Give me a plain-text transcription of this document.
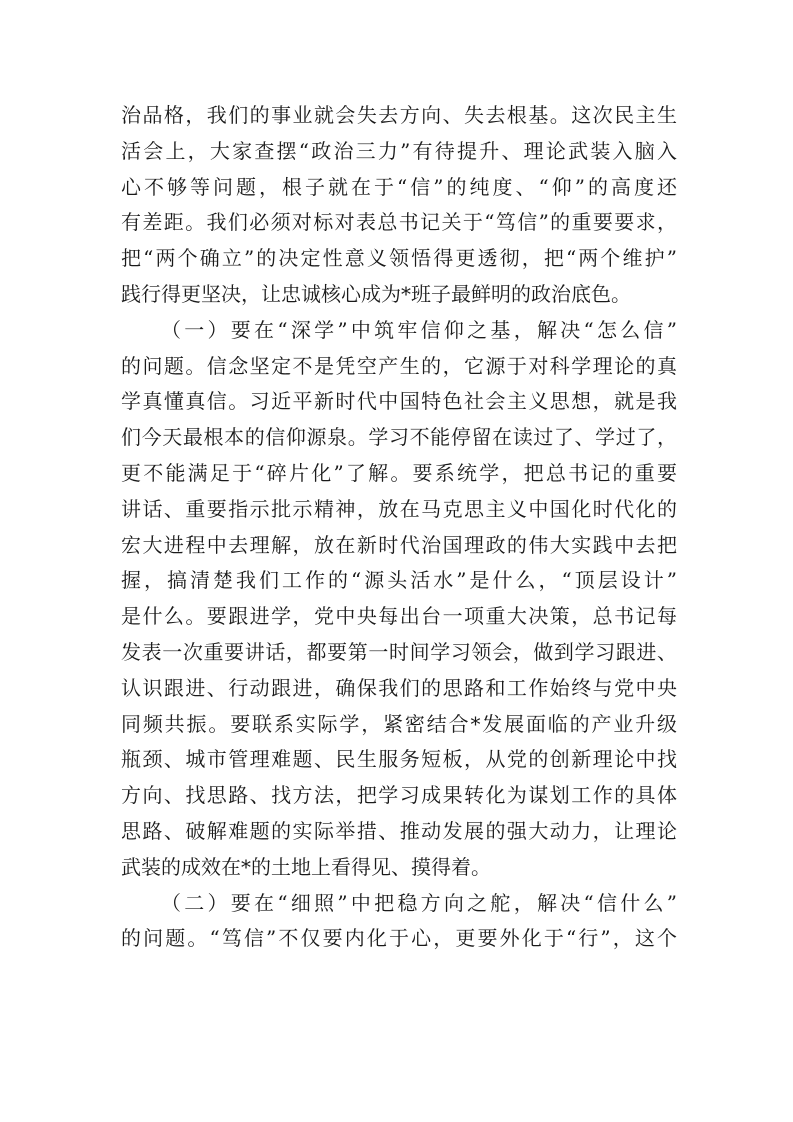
治品格，我们的事业就会失去方向、失去根基。这次民主生
活会上，大家查摆“政治三力”有待提升、理论武装入脑入
心不够等问题，根子就在于“信”的纯度、“仰”的高度还
有差距。我们必须对标对表总书记关于“笃信”的重要要求，
把“两个确立”的决定性意义领悟得更透彻，把“两个维护”
践行得更坚决，让忠诚核心成为*班子最鲜明的政治底色。
（一）要在“深学”中筑牢信仰之基，解决“怎么信”
的问题。信念坚定不是凭空产生的，它源于对科学理论的真
学真懂真信。习近平新时代中国特色社会主义思想，就是我
们今天最根本的信仰源泉。学习不能停留在读过了、学过了，
更不能满足于“碎片化”了解。要系统学，把总书记的重要
讲话、重要指示批示精神，放在马克思主义中国化时代化的
宏大进程中去理解，放在新时代治国理政的伟大实践中去把
握，搞清楚我们工作的“源头活水”是什么，“顶层设计”
是什么。要跟进学，党中央每出台一项重大决策，总书记每
发表一次重要讲话，都要第一时间学习领会，做到学习跟进、
认识跟进、行动跟进，确保我们的思路和工作始终与党中央
同频共振。要联系实际学，紧密结合*发展面临的产业升级
瓶颈、城市管理难题、民生服务短板，从党的创新理论中找
方向、找思路、找方法，把学习成果转化为谋划工作的具体
思路、破解难题的实际举措、推动发展的强大动力，让理论
武装的成效在*的土地上看得见、摸得着。
（二）要在“细照”中把稳方向之舵，解决“信什么”
的问题。“笃信”不仅要内化于心，更要外化于“行”，这个
